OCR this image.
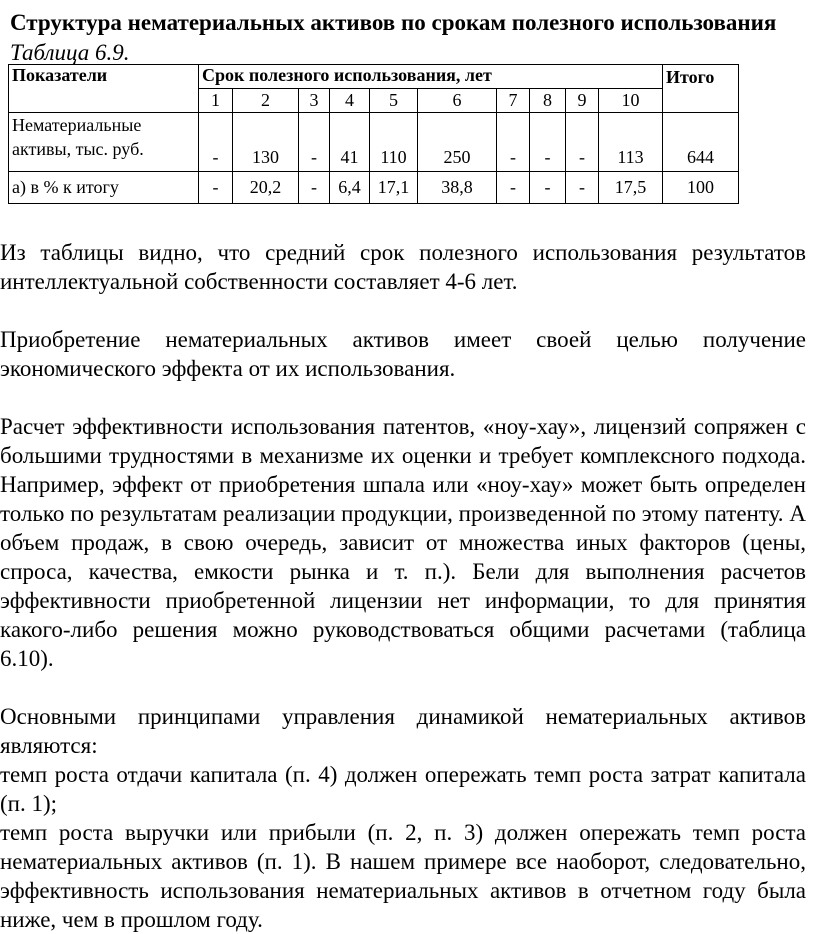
Структура нематериальных активов по срокам полезного использования Таблица 6.9.
Показатели	Срок полезного использования, лет										Итого
	1	2	3	4	5	6	7	8	9	10	
Нематериальные активы, тыс. руб.	-	130	-	41	110	250	-	-	-	113	644
а) в % к итогу	-	20,2	-	6,4	17,1	38,8	-	-	-	17,5	100

Из таблицы видно, что средний срок полезного использования результатов интеллектуальной собственности составляет 4-6 лет.

Приобретение нематериальных активов имеет своей целью получение экономического эффекта от их использования.

Расчет эффективности использования патентов, «ноу-хау», лицензий сопряжен с большими трудностями в механизме их оценки и требует комплексного подхода. Например, эффект от приобретения шпала или «ноу-хау» может быть определен только по результатам реализации продукции, произведенной по этому патенту. А объем продаж, в свою очередь, зависит от множества иных факторов (цены, спроса, качества, емкости рынка и т. п.). Бели для выполнения расчетов эффективности приобретенной лицензии нет информации, то для принятия какого-либо решения можно руководствоваться общими расчетами (таблица 6.10).

Основными принципами управления динамикой нематериальных активов являются:

темп роста отдачи капитала (п. 4) должен опережать темп роста затрат капитала (п. 1);

темп роста выручки или прибыли (п. 2, п. 3) должен опережать темп роста нематериальных активов (п. 1). В нашем примере все наоборот, следовательно, эффективность использования нематериальных активов в отчетном году была ниже, чем в прошлом году.
